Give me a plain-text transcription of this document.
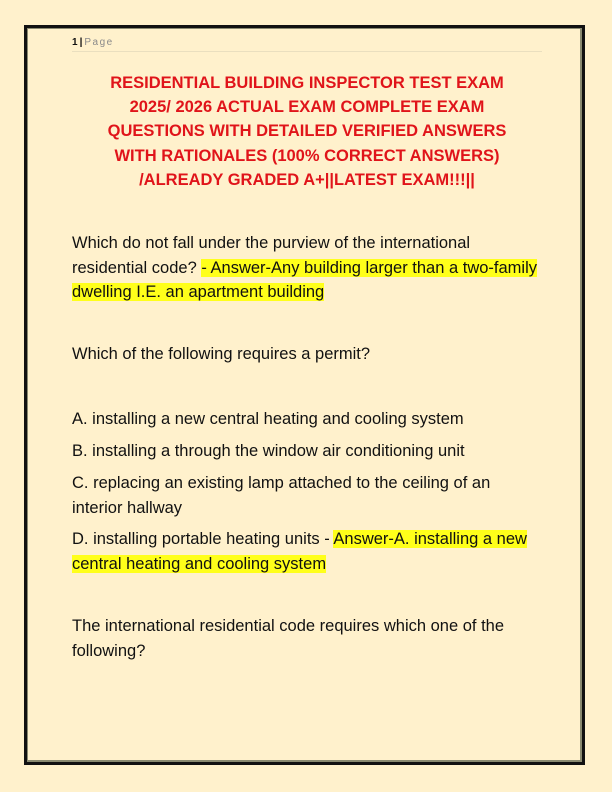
1 | Page
RESIDENTIAL BUILDING INSPECTOR TEST EXAM
2025/ 2026 ACTUAL EXAM COMPLETE EXAM
QUESTIONS WITH DETAILED VERIFIED ANSWERS
WITH RATIONALES (100% CORRECT ANSWERS)
/ALREADY GRADED A+||LATEST EXAM!!!||
Which do not fall under the purview of the international residential code? - Answer-Any building larger than a two-family dwelling I.E. an apartment building
Which of the following requires a permit?
A. installing a new central heating and cooling system
B. installing a through the window air conditioning unit
C. replacing an existing lamp attached to the ceiling of an interior hallway
D. installing portable heating units - Answer-A. installing a new central heating and cooling system
The international residential code requires which one of the following?
